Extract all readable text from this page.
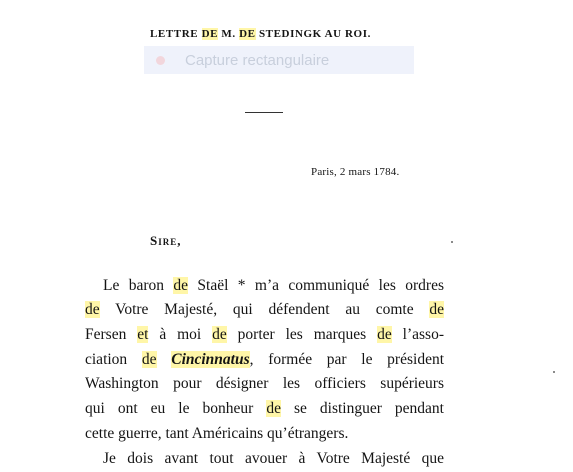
LETTRE DE M. DE STEDINGK AU ROI.
Capture rectangulaire
Paris, 2 mars 1784.
Sire,
Le baron de Staël * m’a communiqué les ordres
de Votre Majesté, qui défendent au comte de
Fersen et à moi de porter les marques de l’asso-
ciation de Cincinnatus, formée par le président
Washington pour désigner les officiers supérieurs
qui ont eu le bonheur de se distinguer pendant
cette guerre, tant Américains qu’étrangers.
Je dois avant tout avouer à Votre Majesté que
